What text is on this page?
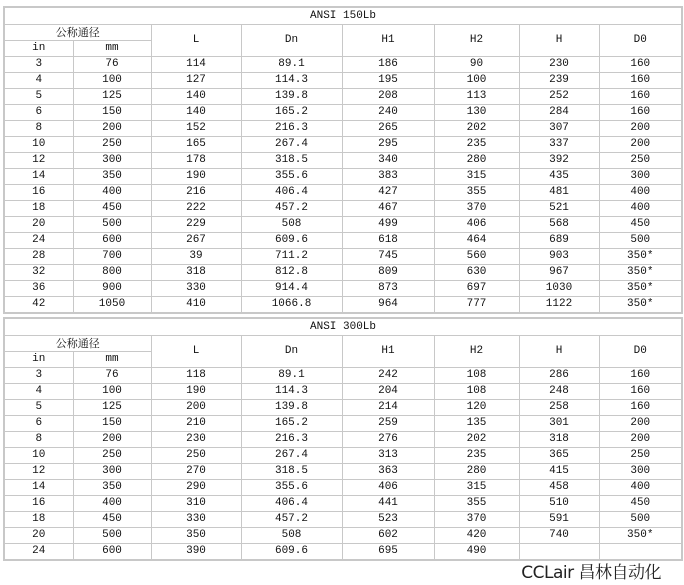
ANSI 150Lb							
公称通径		L	Dn	H1	H2	H	D0
in	mm						
3	76	114	89.1	186	90	230	160
4	100	127	114.3	195	100	239	160
5	125	140	139.8	208	113	252	160
6	150	140	165.2	240	130	284	160
8	200	152	216.3	265	202	307	200
10	250	165	267.4	295	235	337	200
12	300	178	318.5	340	280	392	250
14	350	190	355.6	383	315	435	300
16	400	216	406.4	427	355	481	400
18	450	222	457.2	467	370	521	400
20	500	229	508	499	406	568	450
24	600	267	609.6	618	464	689	500
28	700	39	711.2	745	560	903	350*
32	800	318	812.8	809	630	967	350*
36	900	330	914.4	873	697	1030	350*
42	1050	410	1066.8	964	777	1122	350*
ANSI 300Lb							
公称通径		L	Dn	H1	H2	H	D0
in	mm						
3	76	118	89.1	242	108	286	160
4	100	190	114.3	204	108	248	160
5	125	200	139.8	214	120	258	160
6	150	210	165.2	259	135	301	200
8	200	230	216.3	276	202	318	200
10	250	250	267.4	313	235	365	250
12	300	270	318.5	363	280	415	300
14	350	290	355.6	406	315	458	400
16	400	310	406.4	441	355	510	450
18	450	330	457.2	523	370	591	500
20	500	350	508	602	420	740	350*
24	600	390	609.6	695	490		
CCLair 昌林自动化
